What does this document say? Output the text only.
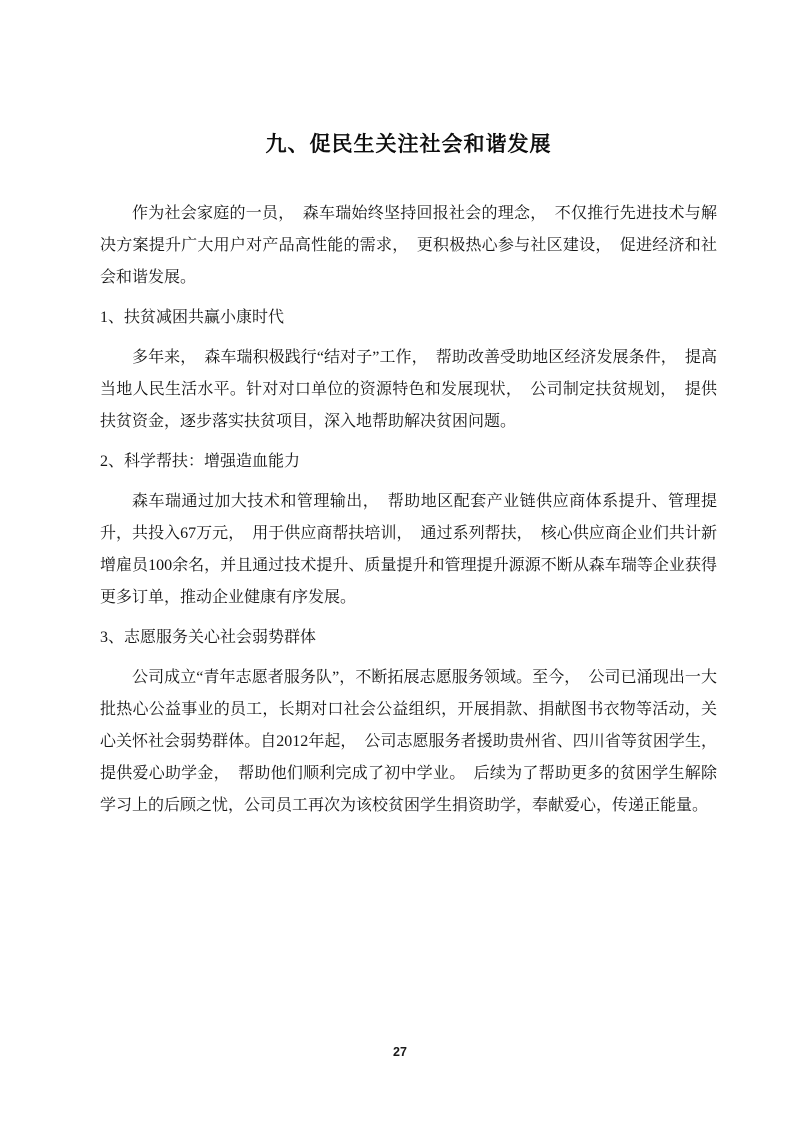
九、促民生关注社会和谐发展

作为社会家庭的一员，　森车瑞始终坚持回报社会的理念，　不仅推行先进技术与解决方案提升广大用户对产品高性能的需求，　更积极热心参与社区建设，　促进经济和社会和谐发展。

1、扶贫减困共赢小康时代

多年来，　森车瑞积极践行“结对子”工作，　帮助改善受助地区经济发展条件，　提高当地人民生活水平。针对对口单位的资源特色和发展现状，　公司制定扶贫规划，　提供扶贫资金，逐步落实扶贫项目，深入地帮助解决贫困问题。

2、科学帮扶：增强造血能力

森车瑞通过加大技术和管理输出，　帮助地区配套产业链供应商体系提升、管理提升，共投入67万元，　用于供应商帮扶培训，　通过系列帮扶，　核心供应商企业们共计新增雇员100余名，并且通过技术提升、质量提升和管理提升源源不断从森车瑞等企业获得更多订单，推动企业健康有序发展。

3、志愿服务关心社会弱势群体

公司成立“青年志愿者服务队”，不断拓展志愿服务领域。至今，　公司已涌现出一大批热心公益事业的员工，长期对口社会公益组织，开展捐款、捐献图书衣物等活动，关心关怀社会弱势群体。自2012年起，　公司志愿服务者援助贵州省、四川省等贫困学生，提供爱心助学金，　帮助他们顺利完成了初中学业。　后续为了帮助更多的贫困学生解除学习上的后顾之忧，公司员工再次为该校贫困学生捐资助学，奉献爱心，传递正能量。

27
